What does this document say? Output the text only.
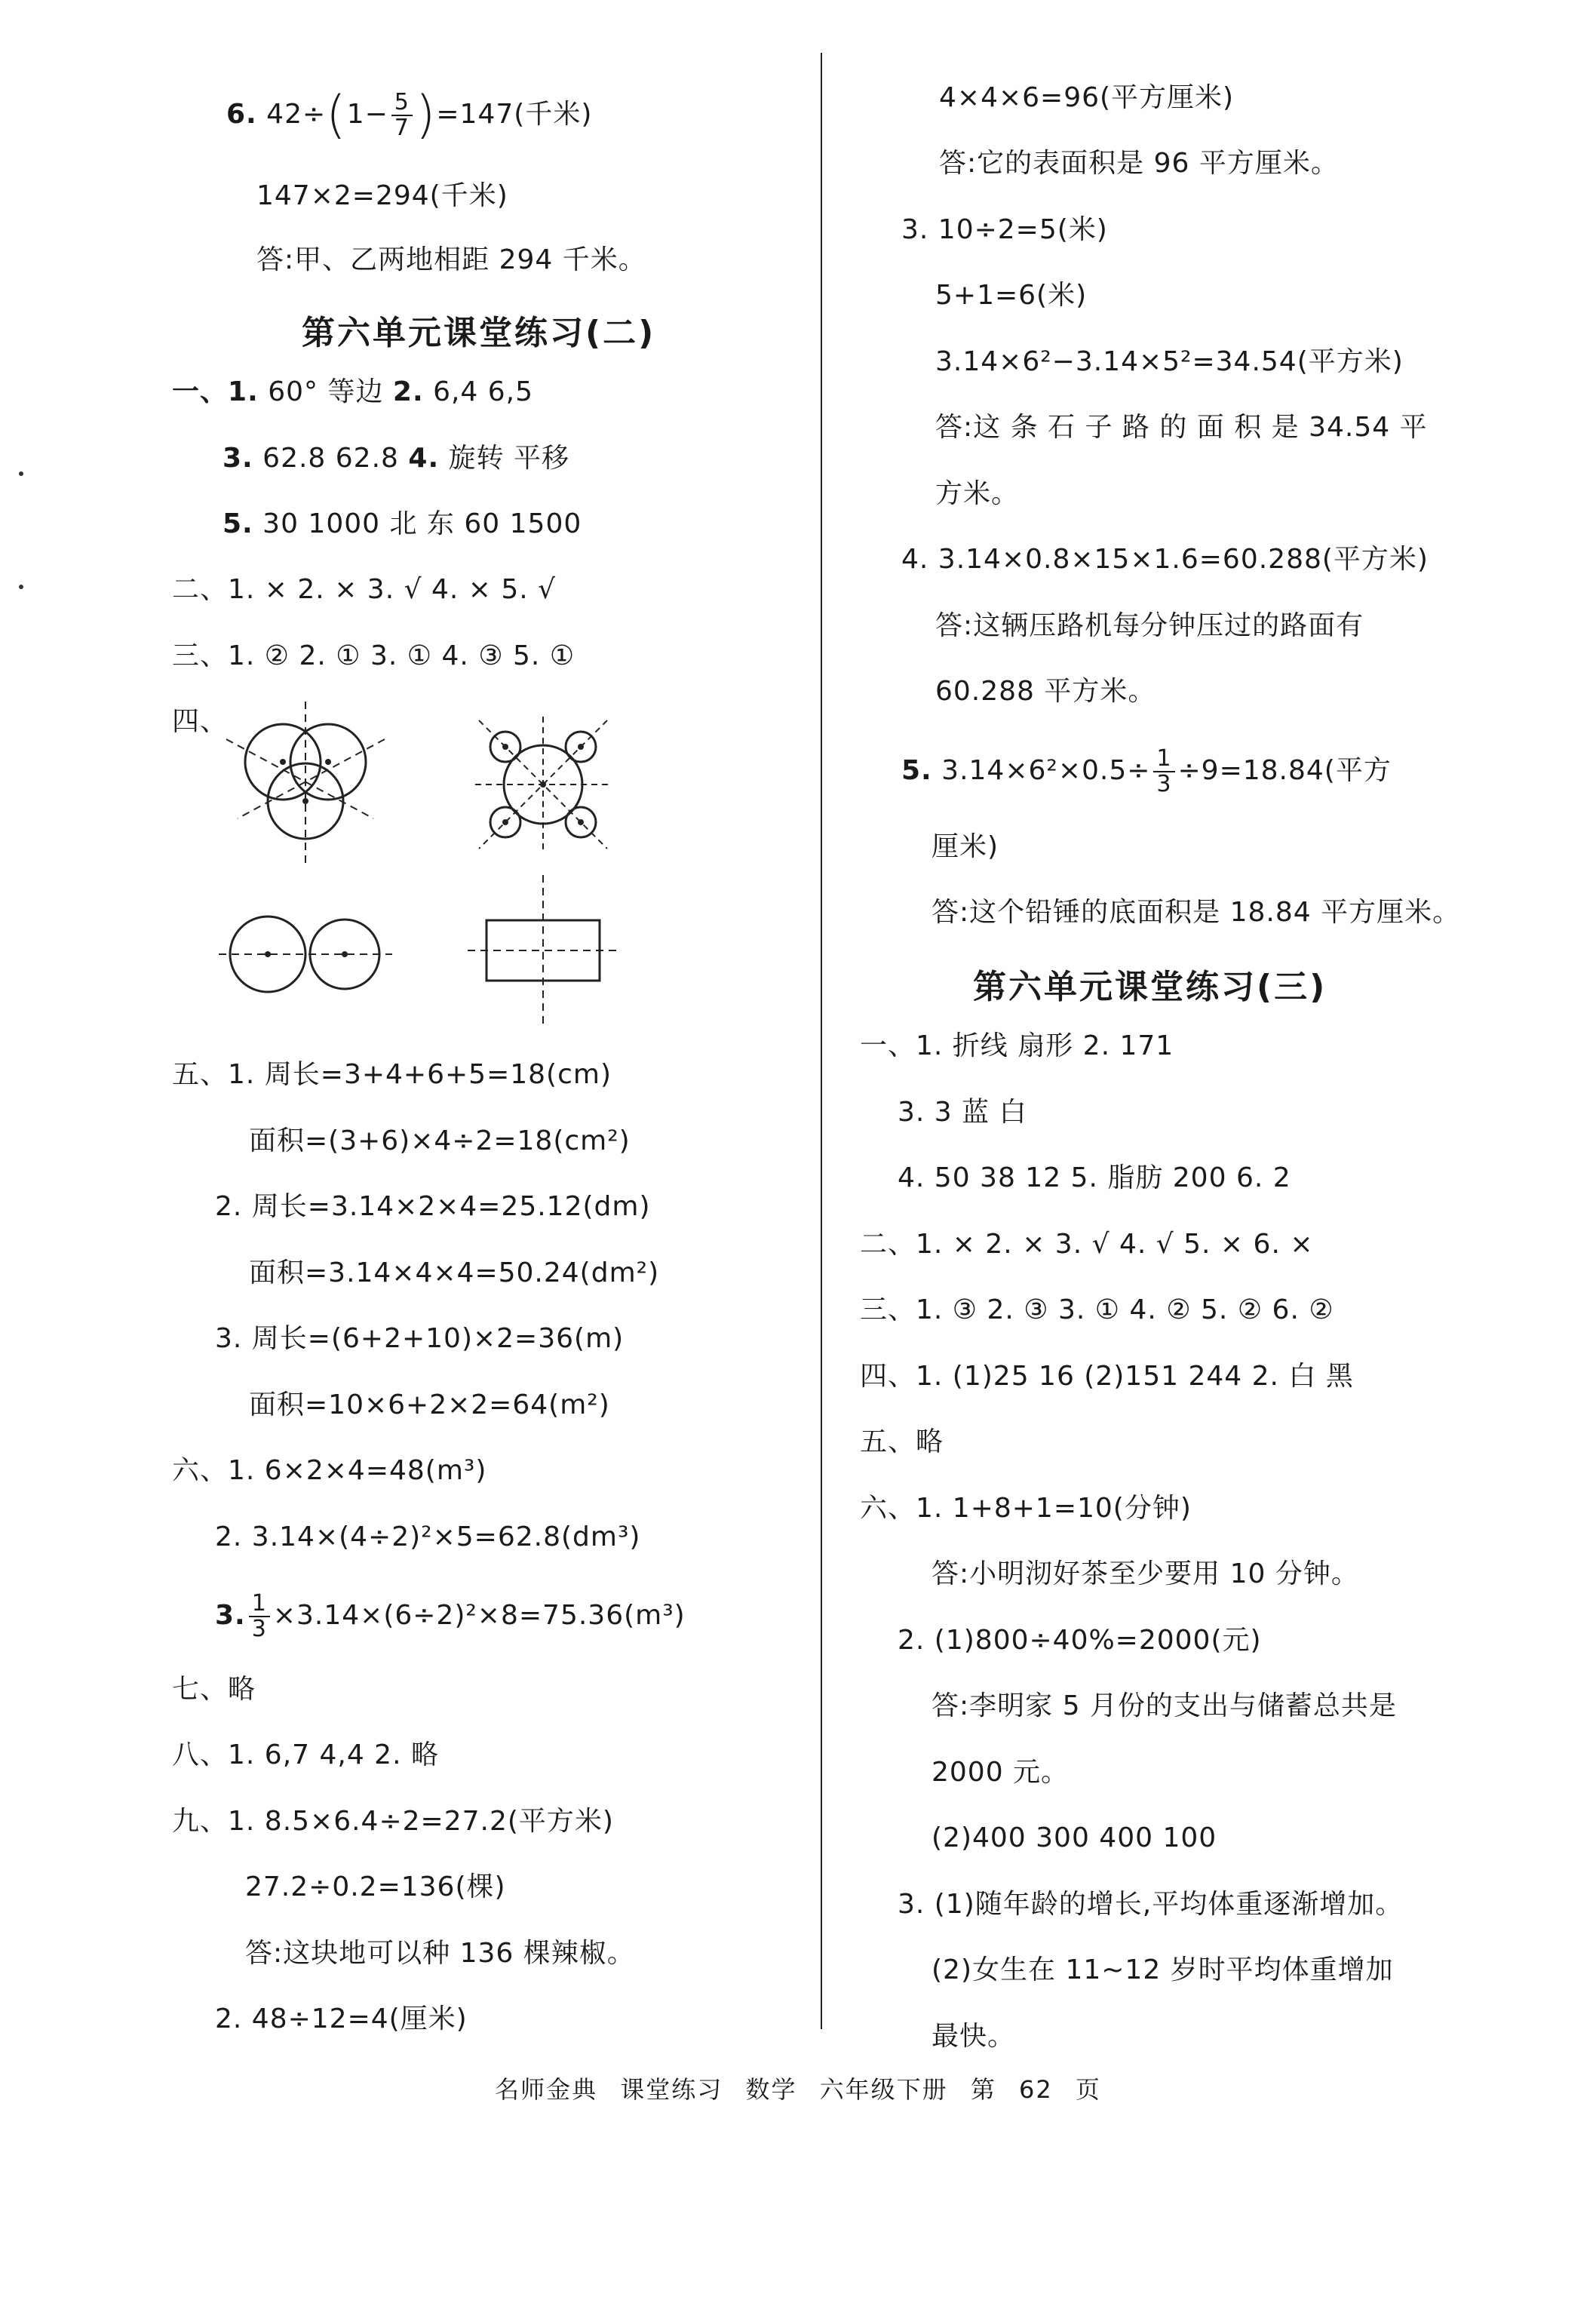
6. $42\div(1- \frac{5}{7} )=147$(千米)
147×2=294(千米)
答:甲、乙两地相距 294 千米。
第六单元课堂练习(二)
一、1. 60° 等边 2. 6,4 6,5
3. 62.8 62.8 4. 旋转 平移
5. 30 1000 北 东 60 1500
二、1. × 2. × 3. √ 4. × 5. √
三、1. ② 2. ① 3. ① 4. ③ 5. ①
四、
五、1. 周长=3+4+6+5=18(cm)
面积=(3+6)×4÷2=18(cm²)
2. 周长=3.14×2×4=25.12(dm)
面积=3.14×4×4=50.24(dm²)
3. 周长=(6+2+10)×2=36(m)
面积=10×6+2×2=64(m²)
六、1. 6×2×4=48(m³)
2. 3.14×(4÷2)²×5=62.8(dm³)
3. $\frac{1}{3} \times 3.14\times(6\div 2)^2\times 8=75.36(m^3)$
七、略
八、1. 6,7 4,4 2. 略
九、1. 8.5×6.4÷2=27.2(平方米)
27.2÷0.2=136(棵)
答:这块地可以种 136 棵辣椒。
2. 48÷12=4(厘米)
4×4×6=96(平方厘米)
答:它的表面积是 96 平方厘米。
3. 10÷2=5(米)
5+1=6(米)
3.14×6²−3.14×5²=34.54(平方米)
答:这 条 石 子 路 的 面 积 是 34.54 平
方米。
4. 3.14×0.8×15×1.6=60.288(平方米)
答:这辆压路机每分钟压过的路面有
60.288 平方米。
5. $3.14\times 6^2\times 0.5\div \frac{1}{3} \div 9=18.84$(平方
厘米)
答:这个铅锤的底面积是 18.84 平方厘米。
第六单元课堂练习(三)
一、1. 折线 扇形 2. 171
3. 3 蓝 白
4. 50 38 12 5. 脂肪 200 6. 2
二、1. × 2. × 3. √ 4. √ 5. × 6. ×
三、1. ③ 2. ③ 3. ① 4. ② 5. ② 6. ②
四、1. (1)25 16 (2)151 244 2. 白 黑
五、略
六、1. 1+8+1=10(分钟)
答:小明沏好茶至少要用 10 分钟。
2. (1)800÷40%=2000(元)
答:李明家 5 月份的支出与储蓄总共是
2000 元。
(2)400 300 400 100
3. (1)随年龄的增长,平均体重逐渐增加。
(2)女生在 11~12 岁时平均体重增加
最快。
名师金典 课堂练习 数学 六年级下册 第 62 页
